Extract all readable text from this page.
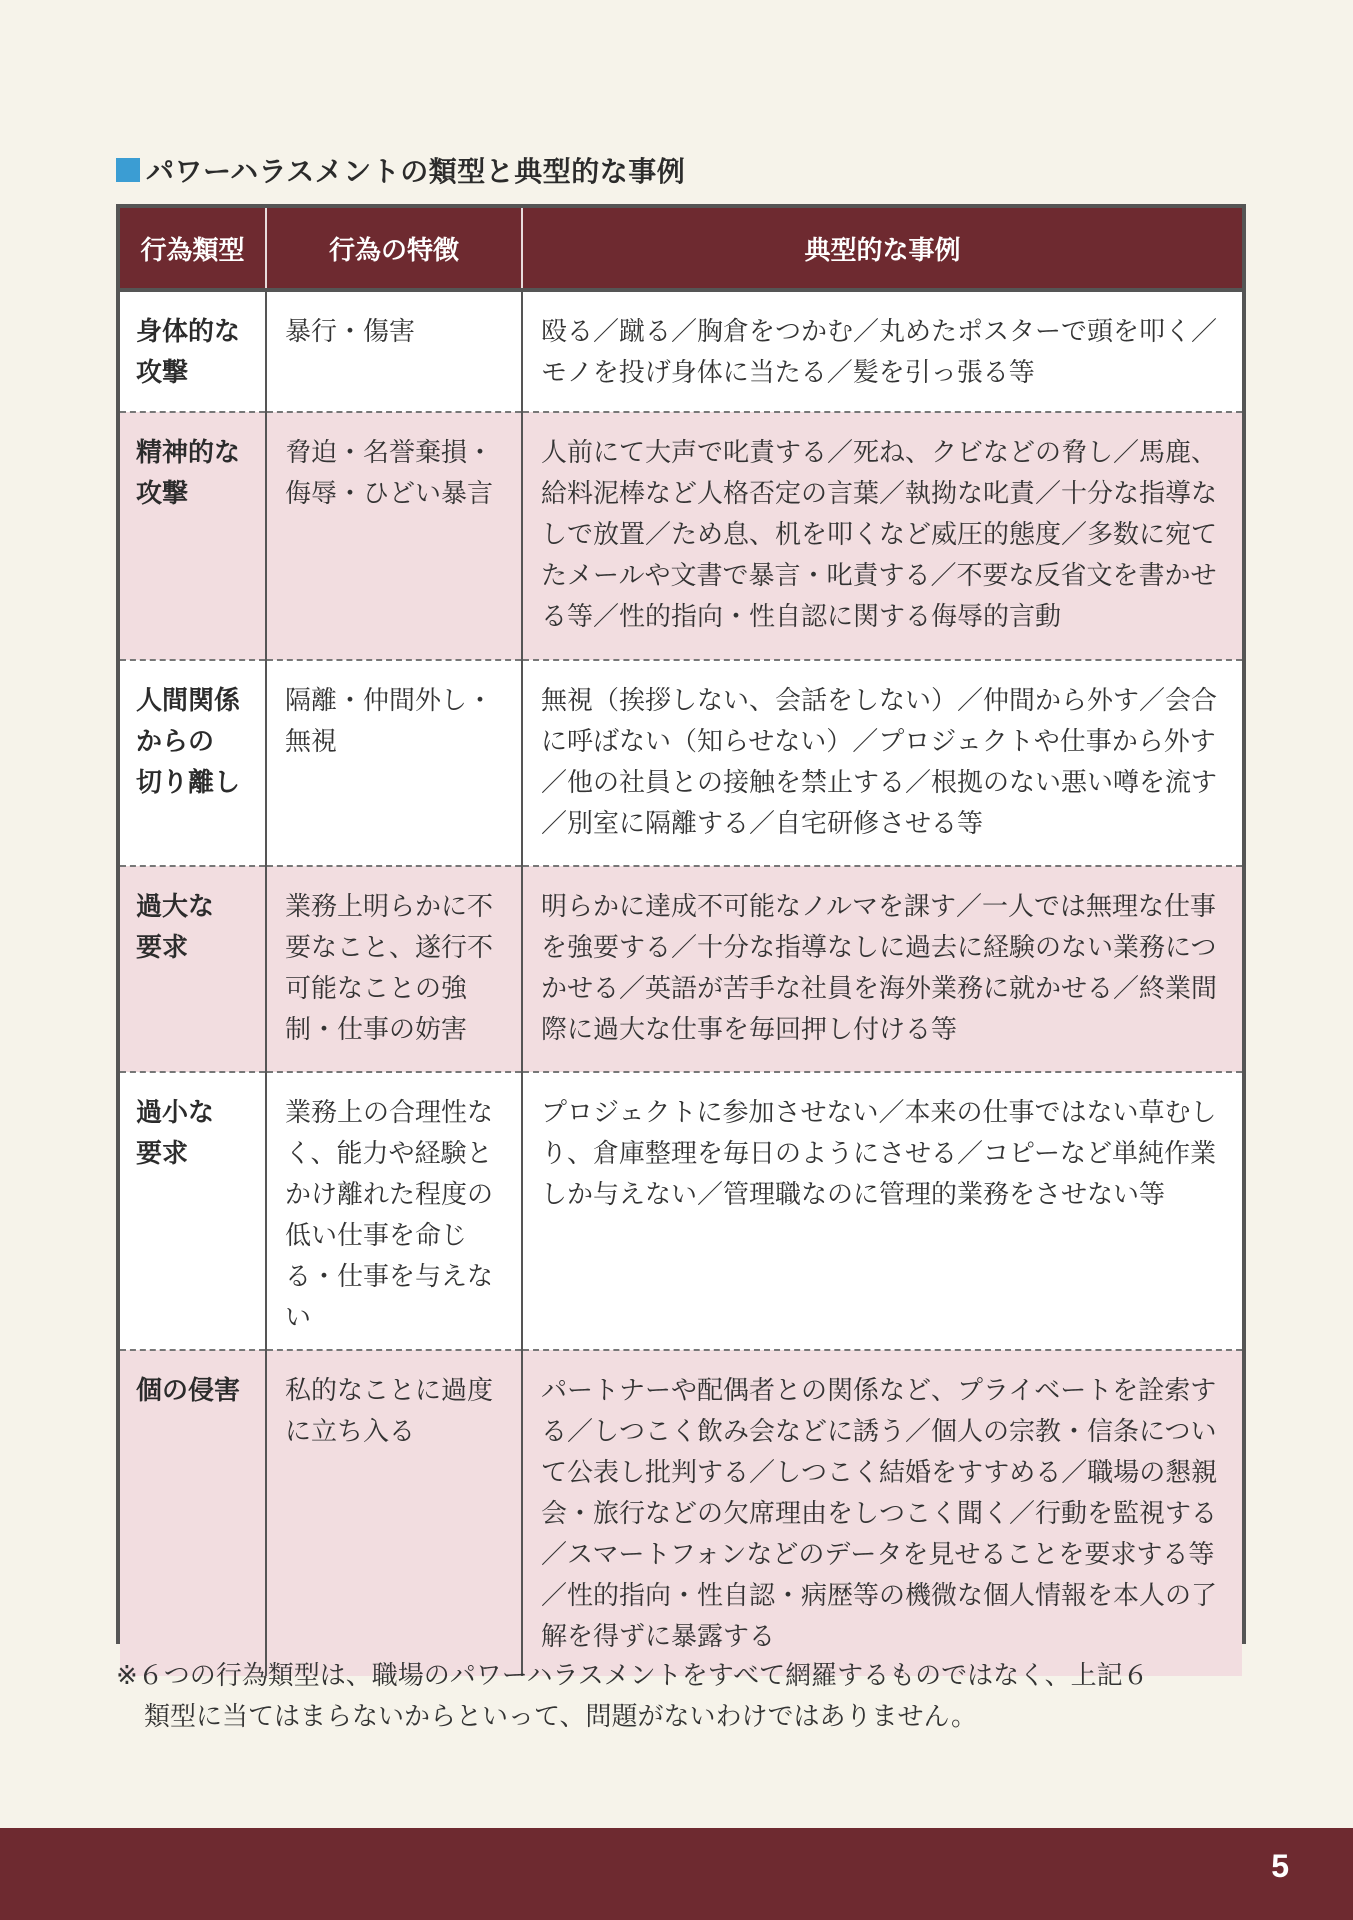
パワーハラスメントの類型と典型的な事例
行為類型	行為の特徴	典型的な事例
身体的な
攻撃	暴行・傷害	殴る／蹴る／胸倉をつかむ／丸めたポスターで頭を叩く／モノを投げ身体に当たる／髪を引っ張る等
精神的な
攻撃	脅迫・名誉棄損・侮辱・ひどい暴言	人前にて大声で叱責する／死ね、クビなどの脅し／馬鹿、給料泥棒など人格否定の言葉／執拗な叱責／十分な指導なしで放置／ため息、机を叩くなど威圧的態度／多数に宛てたメールや文書で暴言・叱責する／不要な反省文を書かせる等／性的指向・性自認に関する侮辱的言動
人間関係
からの
切り離し	隔離・仲間外し・無視	無視（挨拶しない、会話をしない）／仲間から外す／会合に呼ばない（知らせない）／プロジェクトや仕事から外す／他の社員との接触を禁止する／根拠のない悪い噂を流す／別室に隔離する／自宅研修させる等
過大な
要求	業務上明らかに不要なこと、遂行不可能なことの強制・仕事の妨害	明らかに達成不可能なノルマを課す／一人では無理な仕事を強要する／十分な指導なしに過去に経験のない業務につかせる／英語が苦手な社員を海外業務に就かせる／終業間際に過大な仕事を毎回押し付ける等
過小な
要求	業務上の合理性なく、能力や経験とかけ離れた程度の低い仕事を命じる・仕事を与えない	プロジェクトに参加させない／本来の仕事ではない草むしり、倉庫整理を毎日のようにさせる／コピーなど単純作業しか与えない／管理職なのに管理的業務をさせない等
個の侵害	私的なことに過度に立ち入る	パートナーや配偶者との関係など、プライベートを詮索する／しつこく飲み会などに誘う／個人の宗教・信条について公表し批判する／しつこく結婚をすすめる／職場の懇親会・旅行などの欠席理由をしつこく聞く／行動を監視する／スマートフォンなどのデータを見せることを要求する等／性的指向・性自認・病歴等の機微な個人情報を本人の了解を得ずに暴露する
※６つの行為類型は、職場のパワーハラスメントをすべて網羅するものではなく、上記６
類型に当てはまらないからといって、問題がないわけではありません。
5
